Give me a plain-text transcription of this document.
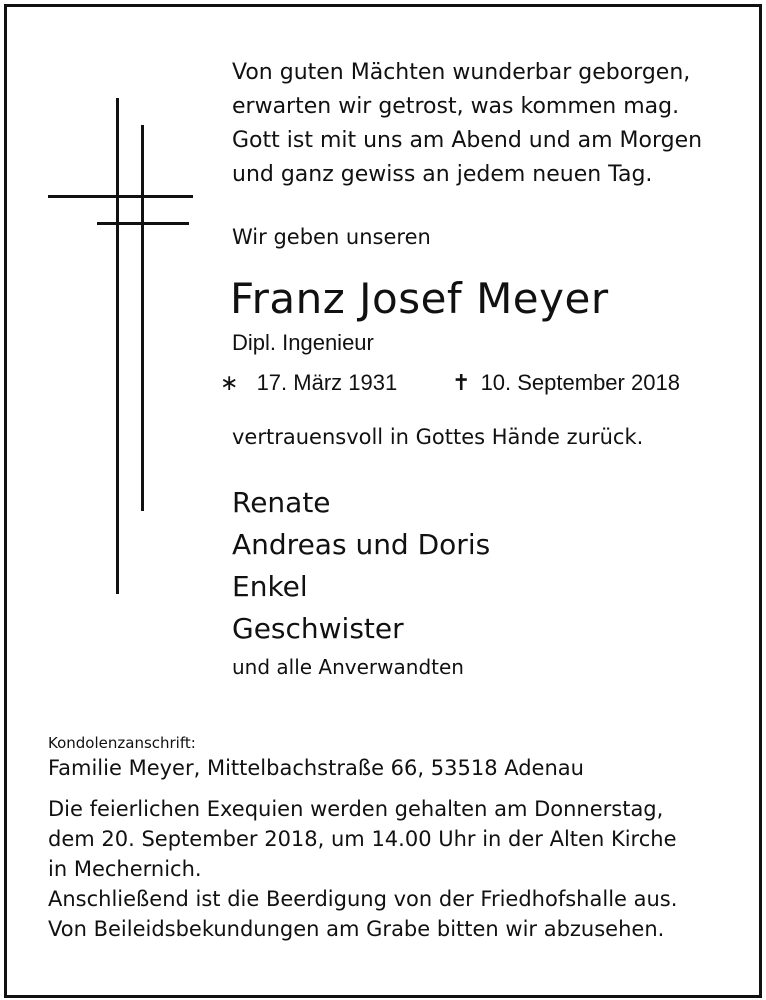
Von guten Mächten wunderbar geborgen,
erwarten wir getrost, was kommen mag.
Gott ist mit uns am Abend und am Morgen
und ganz gewiss an jedem neuen Tag.
Wir geben unseren
Franz Josef Meyer
Dipl. Ingenieur
∗ 17. März 1931 ✝ 10. September 2018
vertrauensvoll in Gottes Hände zurück.
Renate
Andreas und Doris
Enkel
Geschwister
und alle Anverwandten
Kondolenzanschrift:
Familie Meyer, Mittelbachstraße 66, 53518 Adenau
Die feierlichen Exequien werden gehalten am Donnerstag,
dem 20. September 2018, um 14.00 Uhr in der Alten Kirche
in Mechernich.
Anschließend ist die Beerdigung von der Friedhofshalle aus.
Von Beileidsbekundungen am Grabe bitten wir abzusehen.
